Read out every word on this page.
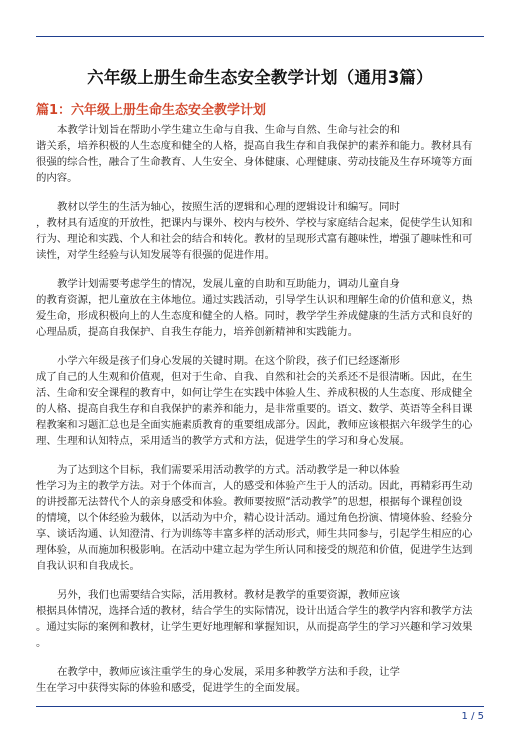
六年级上册生命生态安全教学计划（通用3篇）
篇1：六年级上册生命生态安全教学计划
本教学计划旨在帮助小学生建立生命与自我、生命与自然、生命与社会的和
谐关系，培养积极的人生态度和健全的人格，提高自我生存和自我保护的素养和能力。教材具有
很强的综合性，融合了生命教育、人生安全、身体健康、心理健康、劳动技能及生存环境等方面
的内容。
教材以学生的生活为轴心，按照生活的逻辑和心理的逻辑设计和编写。同时
，教材具有适度的开放性，把课内与课外、校内与校外、学校与家庭结合起来，促使学生认知和
行为、理论和实践、个人和社会的结合和转化。教材的呈现形式富有趣味性，增强了趣味性和可
读性，对学生经验与认知发展等有很强的促进作用。
教学计划需要考虑学生的情况，发展儿童的自助和互助能力，调动儿童自身
的教育资源，把儿童放在主体地位。通过实践活动，引导学生认识和理解生命的价值和意义，热
爱生命，形成积极向上的人生态度和健全的人格。同时，教学学生养成健康的生活方式和良好的
心理品质，提高自我保护、自我生存能力，培养创新精神和实践能力。
小学六年级是孩子们身心发展的关键时期。在这个阶段，孩子们已经逐渐形
成了自己的人生观和价值观，但对于生命、自我、自然和社会的关系还不是很清晰。因此，在生
活、生命和安全课程的教育中，如何让学生在实践中体验人生、养成积极的人生态度、形成健全
的人格、提高自我生存和自我保护的素养和能力，是非常重要的。语文、数学、英语等全科目课
程教案和习题汇总也是全面实施素质教育的重要组成部分。因此，教师应该根据六年级学生的心
理、生理和认知特点，采用适当的教学方式和方法，促进学生的学习和身心发展。
为了达到这个目标，我们需要采用活动教学的方式。活动教学是一种以体验
性学习为主的教学方法。对于个体而言，人的感受和体验产生于人的活动。因此，再精彩再生动
的讲授都无法替代个人的亲身感受和体验。教师要按照“活动教学”的思想，根据每个课程创设
的情境，以个体经验为载体，以活动为中介，精心设计活动。通过角色扮演、情境体验、经验分
享、谈话沟通、认知澄清、行为训练等丰富多样的活动形式，师生共同参与，引起学生相应的心
理体验，从而施加积极影响。在活动中建立起为学生所认同和接受的规范和价值，促进学生达到
自我认识和自我成长。
另外，我们也需要结合实际，活用教材。教材是教学的重要资源，教师应该
根据具体情况，选择合适的教材，结合学生的实际情况，设计出适合学生的教学内容和教学方法
。通过实际的案例和教材，让学生更好地理解和掌握知识，从而提高学生的学习兴趣和学习效果
。
在教学中，教师应该注重学生的身心发展，采用多种教学方法和手段，让学
生在学习中获得实际的体验和感受，促进学生的全面发展。
1 / 5
